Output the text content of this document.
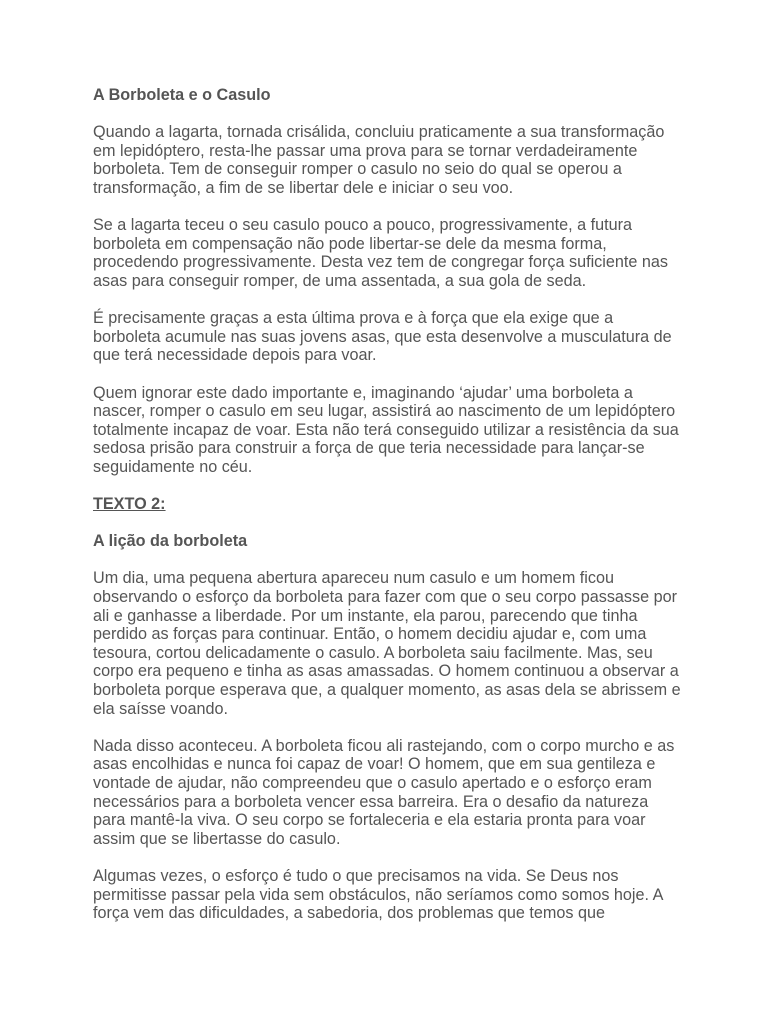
A Borboleta e o Casulo

Quando a lagarta, tornada crisálida, concluiu praticamente a sua transformação em lepidóptero, resta-lhe passar uma prova para se tornar verdadeiramente borboleta. Tem de conseguir romper o casulo no seio do qual se operou a transformação, a fim de se libertar dele e iniciar o seu voo.

Se a lagarta teceu o seu casulo pouco a pouco, progressivamente, a futura borboleta em compensação não pode libertar-se dele da mesma forma, procedendo progressivamente. Desta vez tem de congregar força suficiente nas asas para conseguir romper, de uma assentada, a sua gola de seda.

É precisamente graças a esta última prova e à força que ela exige que a borboleta acumule nas suas jovens asas, que esta desenvolve a musculatura de que terá necessidade depois para voar.

Quem ignorar este dado importante e, imaginando ‘ajudar’ uma borboleta a nascer, romper o casulo em seu lugar, assistirá ao nascimento de um lepidóptero totalmente incapaz de voar. Esta não terá conseguido utilizar a resistência da sua sedosa prisão para construir a força de que teria necessidade para lançar-se seguidamente no céu.

TEXTO 2:

A lição da borboleta

Um dia, uma pequena abertura apareceu num casulo e um homem ficou observando o esforço da borboleta para fazer com que o seu corpo passasse por ali e ganhasse a liberdade. Por um instante, ela parou, parecendo que tinha perdido as forças para continuar. Então, o homem decidiu ajudar e, com uma tesoura, cortou delicadamente o casulo. A borboleta saiu facilmente. Mas, seu corpo era pequeno e tinha as asas amassadas. O homem continuou a observar a borboleta porque esperava que, a qualquer momento, as asas dela se abrissem e ela saísse voando.

Nada disso aconteceu. A borboleta ficou ali rastejando, com o corpo murcho e as asas encolhidas e nunca foi capaz de voar! O homem, que em sua gentileza e vontade de ajudar, não compreendeu que o casulo apertado e o esforço eram necessários para a borboleta vencer essa barreira. Era o desafio da natureza para mantê-la viva. O seu corpo se fortaleceria e ela estaria pronta para voar assim que se libertasse do casulo.

Algumas vezes, o esforço é tudo o que precisamos na vida. Se Deus nos permitisse passar pela vida sem obstáculos, não seríamos como somos hoje. A força vem das dificuldades, a sabedoria, dos problemas que temos que
